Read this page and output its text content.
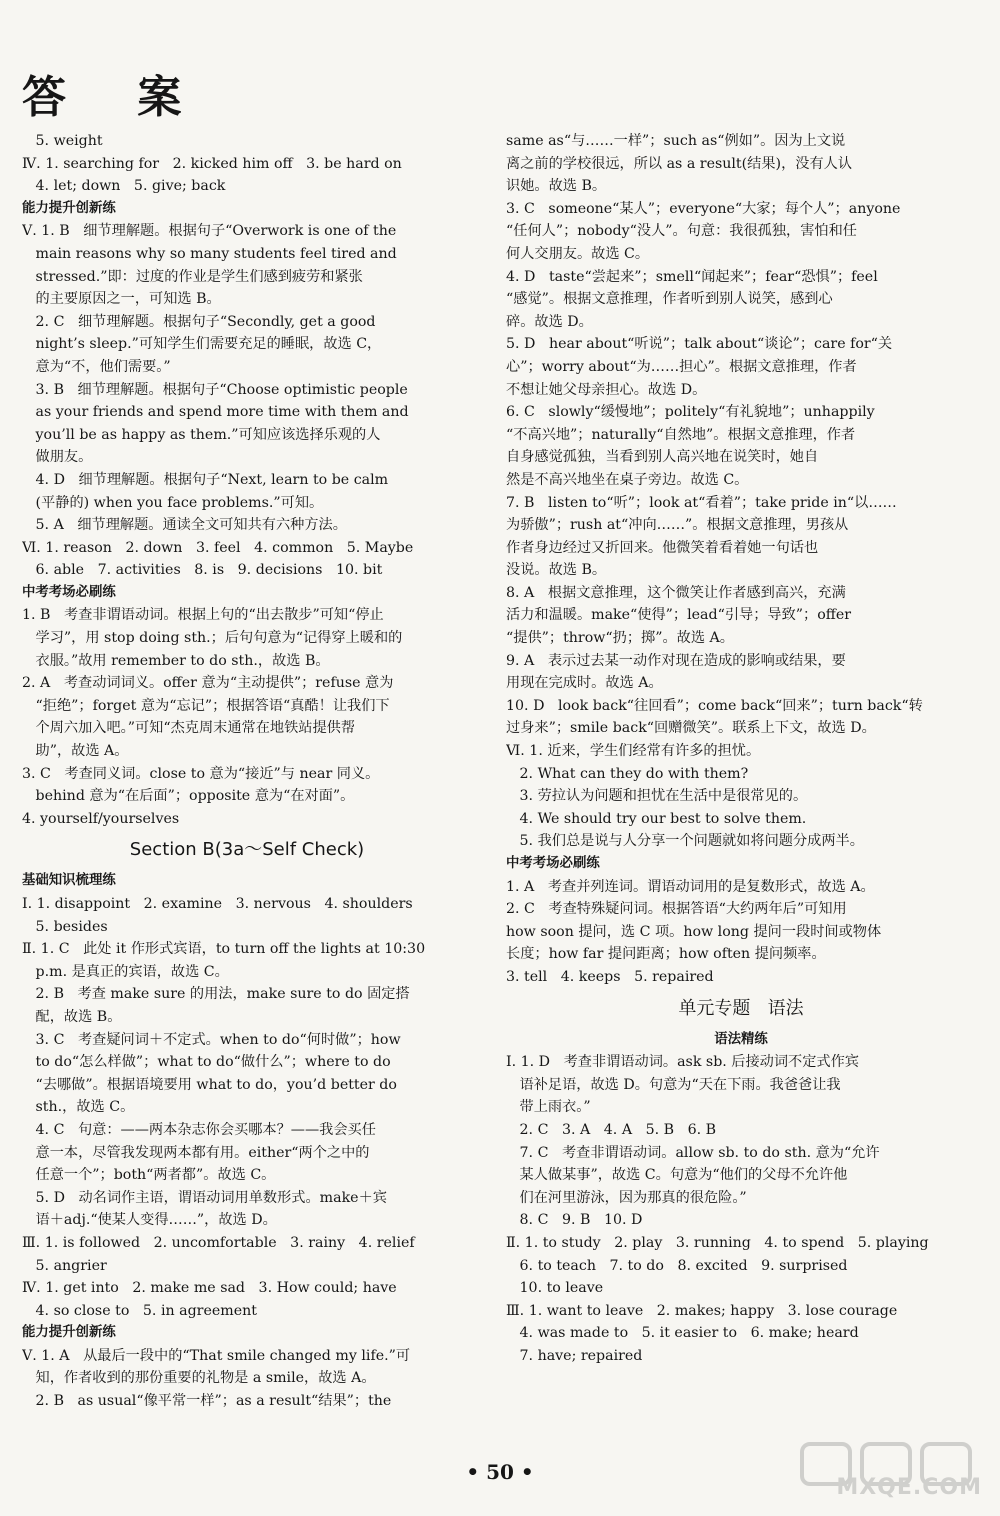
答 案
5. weight
Ⅳ. 1. searching for   2. kicked him off   3. be hard on
4. let; down   5. give; back
能力提升创新练
Ⅴ. 1. B   细节理解题。根据句子“Overwork is one of the
main reasons why so many students feel tired and
stressed.”即：过度的作业是学生们感到疲劳和紧张
的主要原因之一，可知选 B。
2. C   细节理解题。根据句子“Secondly, get a good
night’s sleep.”可知学生们需要充足的睡眠，故选 C，
意为“不，他们需要。”
3. B   细节理解题。根据句子“Choose optimistic people
as your friends and spend more time with them and
you’ll be as happy as them.”可知应该选择乐观的人
做朋友。
4. D   细节理解题。根据句子“Next, learn to be calm
(平静的) when you face problems.”可知。
5. A   细节理解题。通读全文可知共有六种方法。
Ⅵ. 1. reason   2. down   3. feel   4. common   5. Maybe
6. able   7. activities   8. is   9. decisions   10. bit
中考考场必刷练
1. B   考查非谓语动词。根据上句的“出去散步”可知“停止
学习”，用 stop doing sth.；后句句意为“记得穿上暖和的
衣服。”故用 remember to do sth.，故选 B。
2. A   考查动词词义。offer 意为“主动提供”；refuse 意为
“拒绝”；forget 意为“忘记”；根据答语“真酷！让我们下
个周六加入吧。”可知“杰克周末通常在地铁站提供帮
助”，故选 A。
3. C   考查同义词。close to 意为“接近”与 near 同义。
behind 意为“在后面”；opposite 意为“在对面”。
4. yourself/yourselves
Section B(3a～Self Check)
基础知识梳理练
Ⅰ. 1. disappoint   2. examine   3. nervous   4. shoulders
5. besides
Ⅱ. 1. C   此处 it 作形式宾语，to turn off the lights at 10:30
p.m. 是真正的宾语，故选 C。
2. B   考查 make sure 的用法，make sure to do 固定搭
配，故选 B。
3. C   考查疑问词＋不定式。when to do“何时做”；how
to do“怎么样做”；what to do“做什么”；where to do
“去哪做”。根据语境要用 what to do，you’d better do
sth.，故选 C。
4. C   句意：——两本杂志你会买哪本？——我会买任
意一本，尽管我发现两本都有用。either“两个之中的
任意一个”；both“两者都”。故选 C。
5. D   动名词作主语，谓语动词用单数形式。make＋宾
语＋adj.“使某人变得……”，故选 D。
Ⅲ. 1. is followed   2. uncomfortable   3. rainy   4. relief
5. angrier
Ⅳ. 1. get into   2. make me sad   3. How could; have
4. so close to   5. in agreement
能力提升创新练
Ⅴ. 1. A   从最后一段中的“That smile changed my life.”可
知，作者收到的那份重要的礼物是 a smile，故选 A。
2. B   as usual“像平常一样”；as a result“结果”；the
same as“与……一样”；such as“例如”。因为上文说
离之前的学校很远，所以 as a result(结果)，没有人认
识她。故选 B。
3. C   someone“某人”；everyone“大家；每个人”；anyone
“任何人”；nobody“没人”。句意：我很孤独，害怕和任
何人交朋友。故选 C。
4. D   taste“尝起来”；smell“闻起来”；fear“恐惧”；feel
“感觉”。根据文意推理，作者听到别人说笑，感到心
碎。故选 D。
5. D   hear about“听说”；talk about“谈论”；care for“关
心”；worry about“为……担心”。根据文意推理，作者
不想让她父母亲担心。故选 D。
6. C   slowly“缓慢地”；politely“有礼貌地”；unhappily
“不高兴地”；naturally“自然地”。根据文意推理，作者
自身感觉孤独，当看到别人高兴地在说笑时，她自
然是不高兴地坐在桌子旁边。故选 C。
7. B   listen to“听”；look at“看着”；take pride in“以……
为骄傲”；rush at“冲向……”。根据文意推理，男孩从
作者身边经过又折回来。他微笑着看着她一句话也
没说。故选 B。
8. A   根据文意推理，这个微笑让作者感到高兴，充满
活力和温暖。make“使得”；lead“引导；导致”；offer
“提供”；throw“扔；掷”。故选 A。
9. A   表示过去某一动作对现在造成的影响或结果，要
用现在完成时。故选 A。
10. D   look back“往回看”；come back“回来”；turn back“转
过身来”；smile back“回赠微笑”。联系上下文，故选 D。
Ⅵ. 1. 近来，学生们经常有许多的担忧。
2. What can they do with them?
3. 劳拉认为问题和担忧在生活中是很常见的。
4. We should try our best to solve them.
5. 我们总是说与人分享一个问题就如将问题分成两半。
中考考场必刷练
1. A   考查并列连词。谓语动词用的是复数形式，故选 A。
2. C   考查特殊疑问词。根据答语“大约两年后”可知用
how soon 提问，选 C 项。how long 提问一段时间或物体
长度；how far 提问距离；how often 提问频率。
3. tell   4. keeps   5. repaired
单元专题   语法
语法精练
Ⅰ. 1. D   考查非谓语动词。ask sb. 后接动词不定式作宾
语补足语，故选 D。句意为“天在下雨。我爸爸让我
带上雨衣。”
2. C   3. A   4. A   5. B   6. B
7. C   考查非谓语动词。allow sb. to do sth. 意为“允许
某人做某事”，故选 C。句意为“他们的父母不允许他
们在河里游泳，因为那真的很危险。”
8. C   9. B   10. D
Ⅱ. 1. to study   2. play   3. running   4. to spend   5. playing
6. to teach   7. to do   8. excited   9. surprised
10. to leave
Ⅲ. 1. want to leave   2. makes; happy   3. lose courage
4. was made to   5. it easier to   6. make; heard
7. have; repaired
• 50 •
MXQE.COM
